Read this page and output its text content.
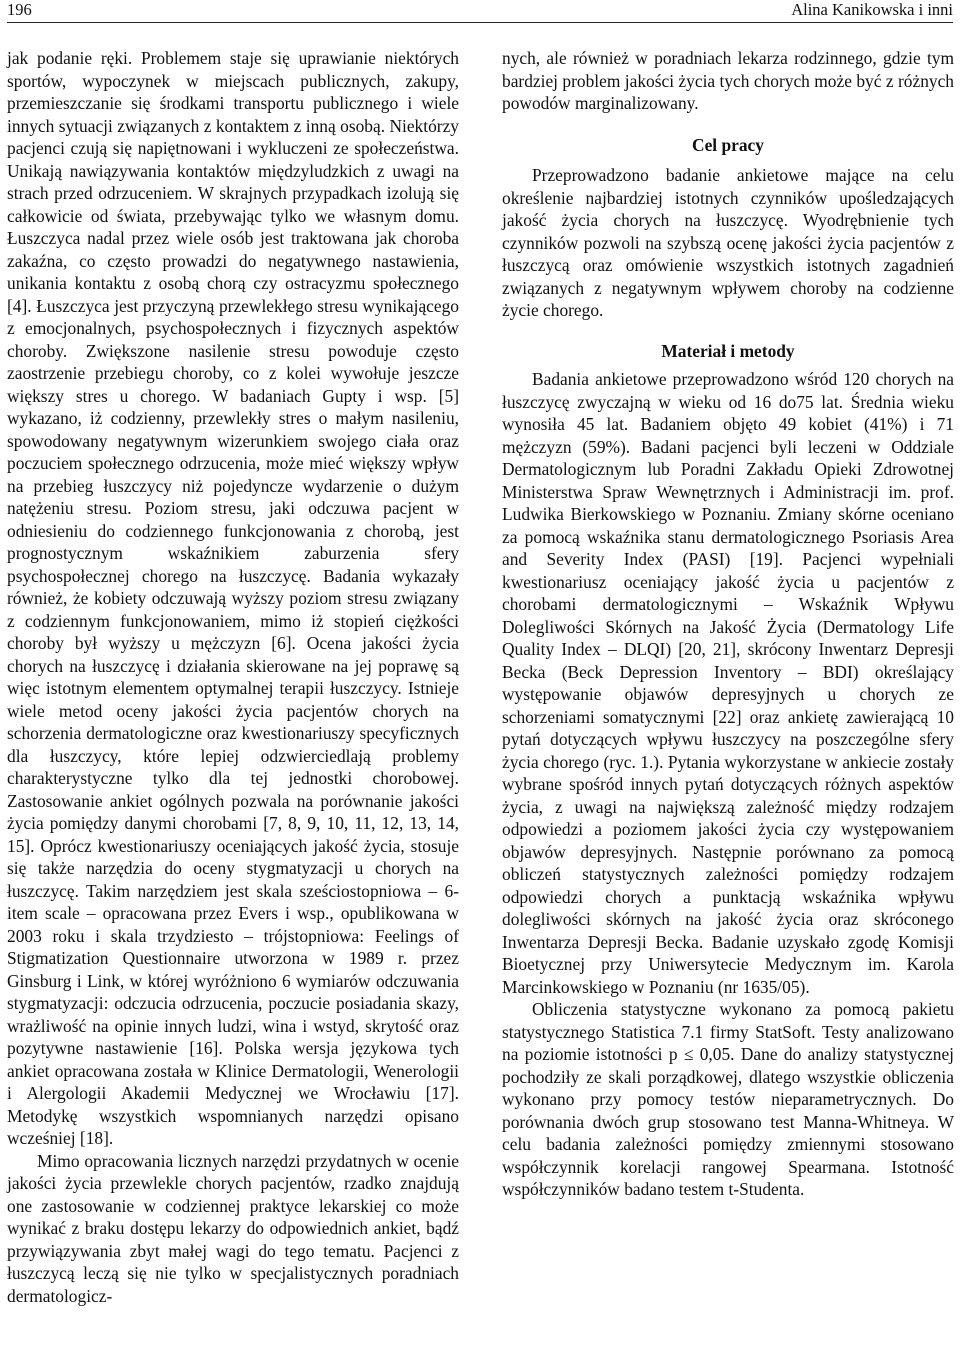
196	Alina Kanikowska i inni

jak podanie ręki. Problemem staje się uprawianie niektórych sportów, wypoczynek w miejscach publicznych, zakupy, przemieszczanie się środkami transportu publicznego i wiele innych sytuacji związanych z kontaktem z inną osobą. Niektórzy pacjenci czują się napiętnowani i wykluczeni ze społeczeństwa. Unikają nawiązywania kontaktów międzyludzkich z uwagi na strach przed odrzuceniem. W skrajnych przypadkach izolują się całkowicie od świata, przebywając tylko we własnym domu. Łuszczyca nadal przez wiele osób jest traktowana jak choroba zakaźna, co często prowadzi do negatywnego nastawienia, unikania kontaktu z osobą chorą czy ostracyzmu społecznego [4]. Łuszczyca jest przyczyną przewlekłego stresu wynikającego z emocjonalnych, psychospołecznych i fizycznych aspektów choroby. Zwiększone nasilenie stresu powoduje często zaostrzenie przebiegu choroby, co z kolei wywołuje jeszcze większy stres u chorego. W badaniach Gupty i wsp. [5] wykazano, iż codzienny, przewlekły stres o małym nasileniu, spowodowany negatywnym wizerunkiem swojego ciała oraz poczuciem społecznego odrzucenia, może mieć większy wpływ na przebieg łuszczycy niż pojedyncze wydarzenie o dużym natężeniu stresu. Poziom stresu, jaki odczuwa pacjent w odniesieniu do codziennego funkcjonowania z chorobą, jest prognostycznym wskaźnikiem zaburzenia sfery psychospołecznej chorego na łuszczycę. Badania wykazały również, że kobiety odczuwają wyższy poziom stresu związany z codziennym funkcjonowaniem, mimo iż stopień ciężkości choroby był wyższy u mężczyzn [6]. Ocena jakości życia chorych na łuszczycę i działania skierowane na jej poprawę są więc istotnym elementem optymalnej terapii łuszczycy. Istnieje wiele metod oceny jakości życia pacjentów chorych na schorzenia dermatologiczne oraz kwestionariuszy specyficznych dla łuszczycy, które lepiej odzwierciedlają problemy charakterystyczne tylko dla tej jednostki chorobowej. Zastosowanie ankiet ogólnych pozwala na porównanie jakości życia pomiędzy danymi chorobami [7, 8, 9, 10, 11, 12, 13, 14, 15]. Oprócz kwestionariuszy oceniających jakość życia, stosuje się także narzędzia do oceny stygmatyzacji u chorych na łuszczycę. Takim narzędziem jest skala sześciostopniowa – 6-item scale – opracowana przez Evers i wsp., opublikowana w 2003 roku i skala trzydziesto – trójstopniowa: Feelings of Stigmatization Questionnaire utworzona w 1989 r. przez Ginsburg i Link, w której wyróżniono 6 wymiarów odczuwania stygmatyzacji: odczucia odrzucenia, poczucie posiadania skazy, wrażliwość na opinie innych ludzi, wina i wstyd, skrytość oraz pozytywne nastawienie [16]. Polska wersja językowa tych ankiet opracowana została w Klinice Dermatologii, Wenerologii i Alergologii Akademii Medycznej we Wrocławiu [17]. Metodykę wszystkich wspomnianych narzędzi opisano wcześniej [18].

Mimo opracowania licznych narzędzi przydatnych w ocenie jakości życia przewlekle chorych pacjentów, rzadko znajdują one zastosowanie w codziennej praktyce lekarskiej co może wynikać z braku dostępu lekarzy do odpowiednich ankiet, bądź przywiązywania zbyt małej wagi do tego tematu. Pacjenci z łuszczycą leczą się nie tylko w specjalistycznych poradniach dermatologicz-

nych, ale również w poradniach lekarza rodzinnego, gdzie tym bardziej problem jakości życia tych chorych może być z różnych powodów marginalizowany.

Cel pracy

Przeprowadzono badanie ankietowe mające na celu określenie najbardziej istotnych czynników upośledzających jakość życia chorych na łuszczycę. Wyodrębnienie tych czynników pozwoli na szybszą ocenę jakości życia pacjentów z łuszczycą oraz omówienie wszystkich istotnych zagadnień związanych z negatywnym wpływem choroby na codzienne życie chorego.

Materiał i metody

Badania ankietowe przeprowadzono wśród 120 chorych na łuszczycę zwyczajną w wieku od 16 do75 lat. Średnia wieku wynosiła 45 lat. Badaniem objęto 49 kobiet (41%) i 71 mężczyzn (59%). Badani pacjenci byli leczeni w Oddziale Dermatologicznym lub Poradni Zakładu Opieki Zdrowotnej Ministerstwa Spraw Wewnętrznych i Administracji im. prof. Ludwika Bierkowskiego w Poznaniu. Zmiany skórne oceniano za pomocą wskaźnika stanu dermatologicznego Psoriasis Area and Severity Index (PASI) [19]. Pacjenci wypełniali kwestionariusz oceniający jakość życia u pacjentów z chorobami dermatologicznymi – Wskaźnik Wpływu Dolegliwości Skórnych na Jakość Życia (Dermatology Life Quality Index – DLQI) [20, 21], skrócony Inwentarz Depresji Becka (Beck Depression Inventory – BDI) określający występowanie objawów depresyjnych u chorych ze schorzeniami somatycznymi [22] oraz ankietę zawierającą 10 pytań dotyczących wpływu łuszczycy na poszczególne sfery życia chorego (ryc. 1.). Pytania wykorzystane w ankiecie zostały wybrane spośród innych pytań dotyczących różnych aspektów życia, z uwagi na największą zależność między rodzajem odpowiedzi a poziomem jakości życia czy występowaniem objawów depresyjnych. Następnie porównano za pomocą obliczeń statystycznych zależności pomiędzy rodzajem odpowiedzi chorych a punktacją wskaźnika wpływu dolegliwości skórnych na jakość życia oraz skróconego Inwentarza Depresji Becka. Badanie uzyskało zgodę Komisji Bioetycznej przy Uniwersytecie Medycznym im. Karola Marcinkowskiego w Poznaniu (nr 1635/05).

Obliczenia statystyczne wykonano za pomocą pakietu statystycznego Statistica 7.1 firmy StatSoft. Testy analizowano na poziomie istotności p ≤ 0,05. Dane do analizy statystycznej pochodziły ze skali porządkowej, dlatego wszystkie obliczenia wykonano przy pomocy testów nieparametrycznych. Do porównania dwóch grup stosowano test Manna-Whitneya. W celu badania zależności pomiędzy zmiennymi stosowano współczynnik korelacji rangowej Spearmana. Istotność współczynników badano testem t-Studenta.
